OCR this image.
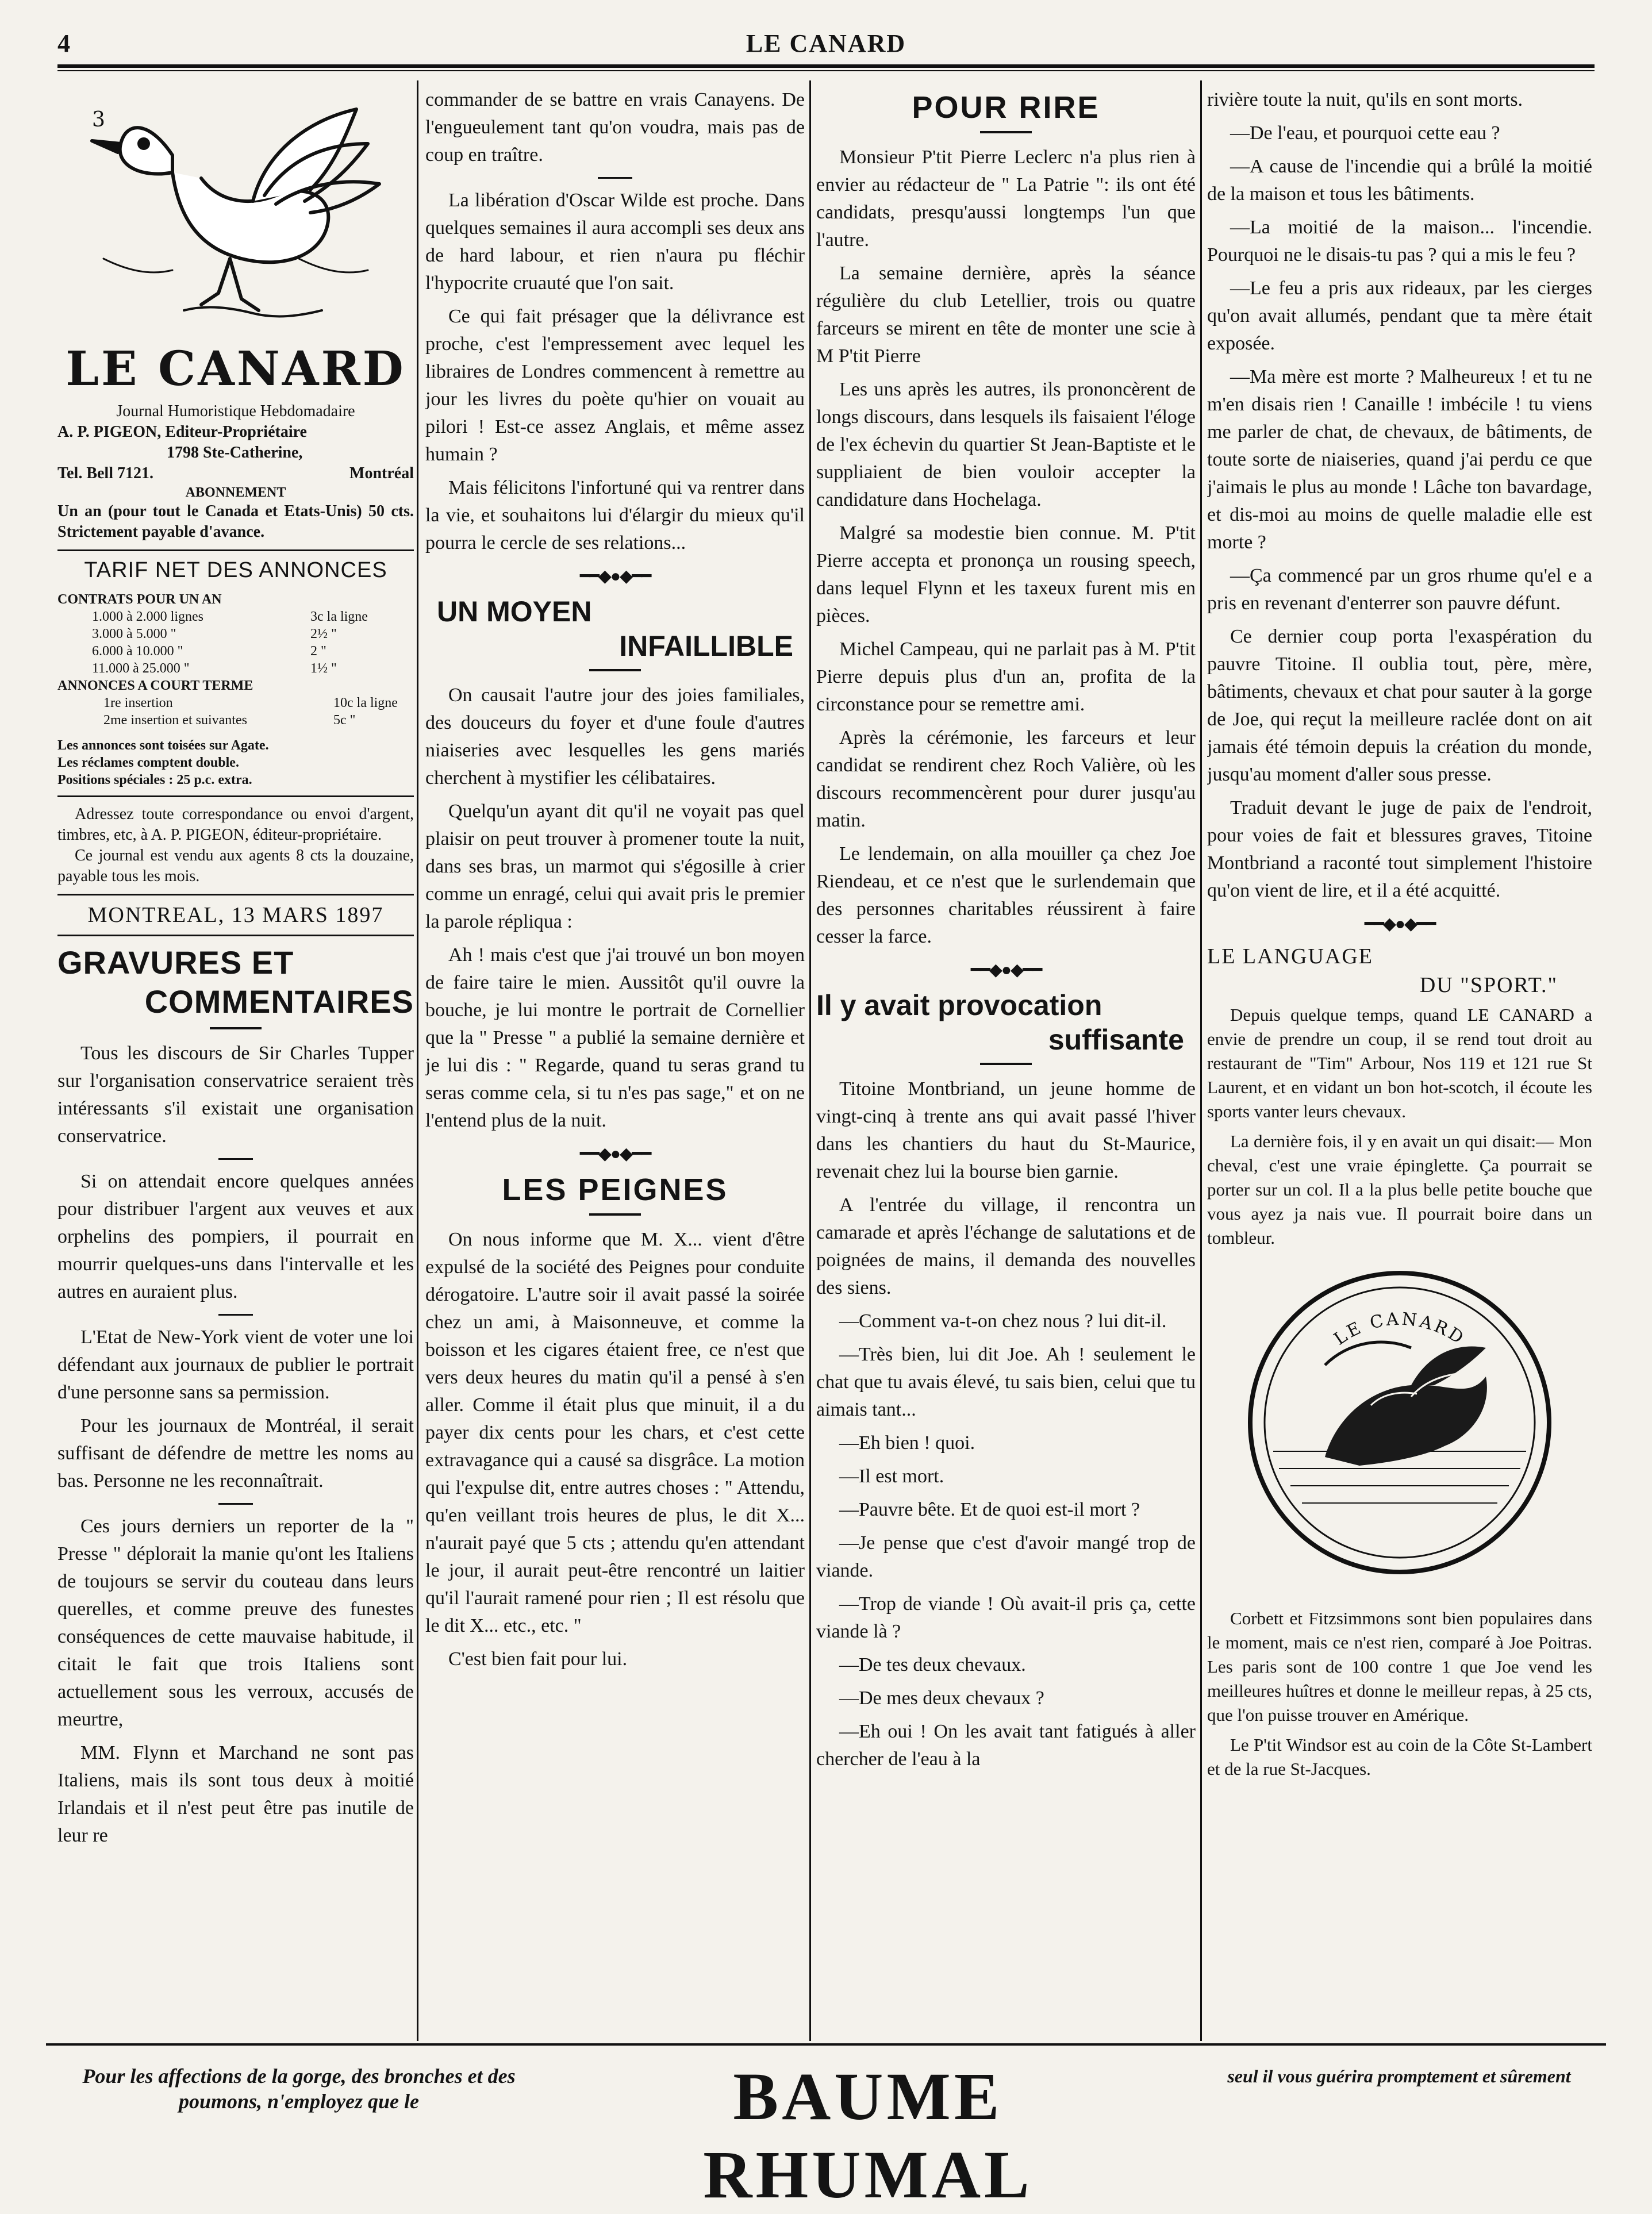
4	LE CANARD
3
LE CANARD

Journal Humoristique Hebdomadaire

A. P. PIGEON, Editeur-Propriétaire

1798 Ste-Catherine,

Tel. Bell 7121.	Montréal

ABONNEMENT

Un an (pour tout le Canada et Etats-Unis) 50 cts. Strictement payable d'avance.

TARIF NET DES ANNONCES

CONTRATS POUR UN AN

1.000 à 2.000 lignes	3c la ligne
3.000 à 5.000 "	2½ "
6.000 à 10.000 "	2 "
11.000 à 25.000 "	1½ "

ANNONCES A COURT TERME

1re insertion	10c la ligne
2me insertion et suivantes	5c "

Les annonces sont toisées sur Agate.

Les réclames comptent double.

Positions spéciales : 25 p.c. extra.

Adressez toute correspondance ou envoi d'argent, timbres, etc, à A. P. PIGEON, éditeur-propriétaire.

Ce journal est vendu aux agents 8 cts la douzaine, payable tous les mois.

MONTREAL, 13 MARS 1897
GRAVURES ET
COMMENTAIRES

Tous les discours de Sir Charles Tupper sur l'organisation conservatrice seraient très intéressants s'il existait une organisation conservatrice.

Si on attendait encore quelques années pour distribuer l'argent aux veuves et aux orphelins des pompiers, il pourrait en mourrir quelques-uns dans l'intervalle et les autres en auraient plus.

L'Etat de New-York vient de voter une loi défendant aux journaux de publier le portrait d'une personne sans sa permission.

Pour les journaux de Montréal, il serait suffisant de défendre de mettre les noms au bas. Personne ne les reconnaîtrait.

Ces jours derniers un reporter de la " Presse " déplorait la manie qu'ont les Italiens de toujours se servir du couteau dans leurs querelles, et comme preuve des funestes conséquences de cette mauvaise habitude, il citait le fait que trois Italiens sont actuellement sous les verroux, accusés de meurtre,

MM. Flynn et Marchand ne sont pas Italiens, mais ils sont tous deux à moitié Irlandais et il n'est peut être pas inutile de leur re

commander de se battre en vrais Canayens. De l'engueulement tant qu'on voudra, mais pas de coup en traître.

La libération d'Oscar Wilde est proche. Dans quelques semaines il aura accompli ses deux ans de hard labour, et rien n'aura pu fléchir l'hypocrite cruauté que l'on sait.

Ce qui fait présager que la délivrance est proche, c'est l'empressement avec lequel les libraires de Londres commencent à remettre au jour les livres du poète qu'hier on vouait au pilori ! Est-ce assez Anglais, et même assez humain ?

Mais félicitons l'infortuné qui va rentrer dans la vie, et souhaitons lui d'élargir du mieux qu'il pourra le cercle de ses relations...

━━◆●◆━━
UN MOYEN
INFAILLIBLE

On causait l'autre jour des joies familiales, des douceurs du foyer et d'une foule d'autres niaiseries avec lesquelles les gens mariés cherchent à mystifier les célibataires.

Quelqu'un ayant dit qu'il ne voyait pas quel plaisir on peut trouver à promener toute la nuit, dans ses bras, un marmot qui s'égosille à crier comme un enragé, celui qui avait pris le premier la parole répliqua :

Ah ! mais c'est que j'ai trouvé un bon moyen de faire taire le mien. Aussitôt qu'il ouvre la bouche, je lui montre le portrait de Cornellier que la " Presse " a publié la semaine dernière et je lui dis : " Regarde, quand tu seras grand tu seras comme cela, si tu n'es pas sage," et on ne l'entend plus de la nuit.

━━◆●◆━━
LES PEIGNES

On nous informe que M. X... vient d'être expulsé de la société des Peignes pour conduite dérogatoire. L'autre soir il avait passé la soirée chez un ami, à Maisonneuve, et comme la boisson et les cigares étaient free, ce n'est que vers deux heures du matin qu'il a pensé à s'en aller. Comme il était plus que minuit, il a du payer dix cents pour les chars, et c'est cette extravagance qui a causé sa disgrâce. La motion qui l'expulse dit, entre autres choses : " Attendu, qu'en veillant trois heures de plus, le dit X... n'aurait payé que 5 cts ; attendu qu'en attendant le jour, il aurait peut-être rencontré un laitier qu'il l'aurait ramené pour rien ; Il est résolu que le dit X... etc., etc. "

C'est bien fait pour lui.

POUR RIRE

Monsieur P'tit Pierre Leclerc n'a plus rien à envier au rédacteur de " La Patrie ": ils ont été candidats, presqu'aussi longtemps l'un que l'autre.

La semaine dernière, après la séance régulière du club Letellier, trois ou quatre farceurs se mirent en tête de monter une scie à M P'tit Pierre

Les uns après les autres, ils prononcèrent de longs discours, dans lesquels ils faisaient l'éloge de l'ex échevin du quartier St Jean-Baptiste et le suppliaient de bien vouloir accepter la candidature dans Hochelaga.

Malgré sa modestie bien connue. M. P'tit Pierre accepta et prononça un rousing speech, dans lequel Flynn et les taxeux furent mis en pièces.

Michel Campeau, qui ne parlait pas à M. P'tit Pierre depuis plus d'un an, profita de la circonstance pour se remettre ami.

Après la cérémonie, les farceurs et leur candidat se rendirent chez Roch Valière, où les discours recommencèrent pour durer jusqu'au matin.

Le lendemain, on alla mouiller ça chez Joe Riendeau, et ce n'est que le surlendemain que des personnes charitables réussirent à faire cesser la farce.

━━◆●◆━━
Il y avait provocation
suffisante

Titoine Montbriand, un jeune homme de vingt-cinq à trente ans qui avait passé l'hiver dans les chantiers du haut du St-Maurice, revenait chez lui la bourse bien garnie.

A l'entrée du village, il rencontra un camarade et après l'échange de salutations et de poignées de mains, il demanda des nouvelles des siens.

—Comment va-t-on chez nous ? lui dit-il.

—Très bien, lui dit Joe. Ah ! seulement le chat que tu avais élevé, tu sais bien, celui que tu aimais tant...

—Eh bien ! quoi.

—Il est mort.

—Pauvre bête. Et de quoi est-il mort ?

—Je pense que c'est d'avoir mangé trop de viande.

—Trop de viande ! Où avait-il pris ça, cette viande là ?

—De tes deux chevaux.

—De mes deux chevaux ?

—Eh oui ! On les avait tant fatigués à aller chercher de l'eau à la

rivière toute la nuit, qu'ils en sont morts.

—De l'eau, et pourquoi cette eau ?

—A cause de l'incendie qui a brûlé la moitié de la maison et tous les bâtiments.

—La moitié de la maison... l'incendie. Pourquoi ne le disais-tu pas ? qui a mis le feu ?

—Le feu a pris aux rideaux, par les cierges qu'on avait allumés, pendant que ta mère était exposée.

—Ma mère est morte ? Malheureux ! et tu ne m'en disais rien ! Canaille ! imbécile ! tu viens me parler de chat, de chevaux, de bâtiments, de toute sorte de niaiseries, quand j'ai perdu ce que j'aimais le plus au monde ! Lâche ton bavardage, et dis-moi au moins de quelle maladie elle est morte ?

—Ça commencé par un gros rhume qu'el e a pris en revenant d'enterrer son pauvre défunt.

Ce dernier coup porta l'exaspération du pauvre Titoine. Il oublia tout, père, mère, bâtiments, chevaux et chat pour sauter à la gorge de Joe, qui reçut la meilleure raclée dont on ait jamais été témoin depuis la création du monde, jusqu'au moment d'aller sous presse.

Traduit devant le juge de paix de l'endroit, pour voies de fait et blessures graves, Titoine Montbriand a raconté tout simplement l'histoire qu'on vient de lire, et il a été acquitté.

━━◆●◆━━
LE LANGUAGE
DU "SPORT."

Depuis quelque temps, quand LE CANARD a envie de prendre un coup, il se rend tout droit au restaurant de "Tim" Arbour, Nos 119 et 121 rue St Laurent, et en vidant un bon hot-scotch, il écoute les sports vanter leurs chevaux.

La dernière fois, il y en avait un qui disait:— Mon cheval, c'est une vraie épinglette. Ça pourrait se porter sur un col. Il a la plus belle petite bouche que vous ayez ja nais vue. Il pourrait boire dans un tombleur.

LE CANARD

Corbett et Fitzsimmons sont bien populaires dans le moment, mais ce n'est rien, comparé à Joe Poitras. Les paris sont de 100 contre 1 que Joe vend les meilleures huîtres et donne le meilleur repas, à 25 cts, que l'on puisse trouver en Amérique.

Le P'tit Windsor est au coin de la Côte St-Lambert et de la rue St-Jacques.

Pour les affections de la gorge, des bronches et des poumons, n'employez que le	BAUME RHUMAL
seul il vous guérira promptement et sûrement
